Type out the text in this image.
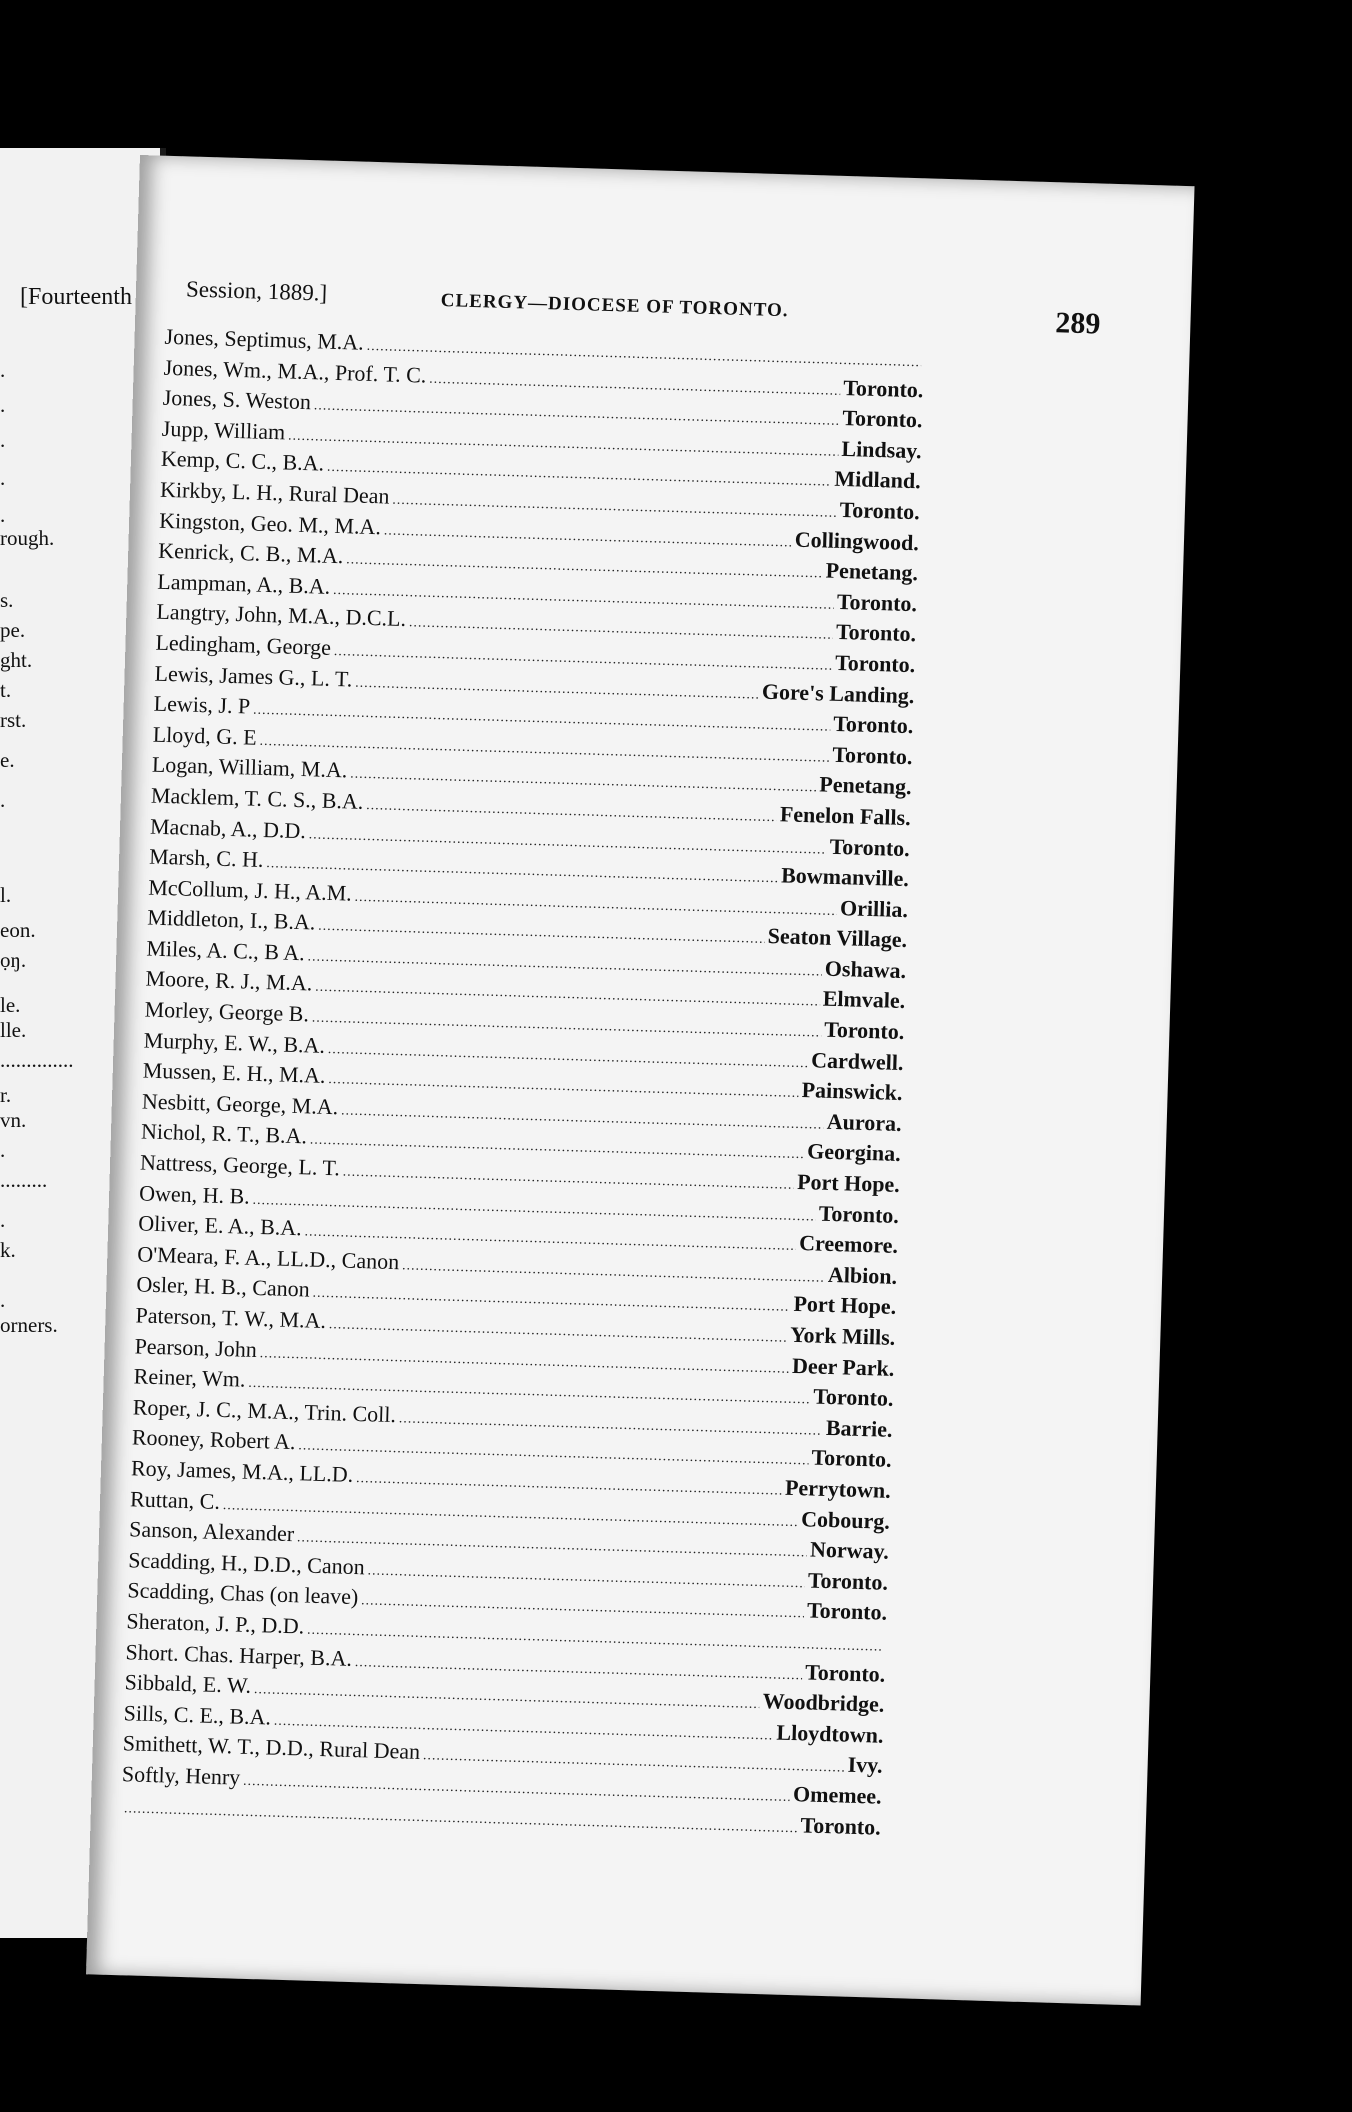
[Fourteenth
.
.
.
.
.
rough.
s.
pe.
ght.
t.
rst.
e.
.
l.
eon.
ọŋ.
le.
lle.
..............
r.
vn.
.
.........
.
k.
.
orners.
Session, 1889.]	CLERGY—DIOCESE OF TORONTO.
289
Jones, Septimus, M.A.
.....
Jones, Wm., M.A., Prof. T. C.
.....
Toronto.
Jones, S. Weston
.....
Toronto.
Jupp, William
.....
Lindsay.
Kemp, C. C., B.A.
.....
Midland.
Kirkby, L. H., Rural Dean
.....
Toronto.
Kingston, Geo. M., M.A.
.....
Collingwood.
Kenrick, C. B., M.A.
.....
Penetang.
Lampman, A., B.A.
.....
Toronto.
Langtry, John, M.A., D.C.L.
.....
Toronto.
Ledingham, George
.....
Toronto.
Lewis, James G., L. T.
.....
Gore's Landing.
Lewis, J. P
.....
Toronto.
Lloyd, G. E
.....
Toronto.
Logan, William, M.A.
.....
Penetang.
Macklem, T. C. S., B.A.
.....
Fenelon Falls.
Macnab, A., D.D.
.....
Toronto.
Marsh, C. H.
.....
Bowmanville.
McCollum, J. H., A.M.
.....
Orillia.
Middleton, I., B.A.
.....
Seaton Village.
Miles, A. C., B A.
.....
Oshawa.
Moore, R. J., M.A.
.....
Elmvale.
Morley, George B.
.....
Toronto.
Murphy, E. W., B.A.
.....
Cardwell.
Mussen, E. H., M.A.
.....
Painswick.
Nesbitt, George, M.A.
.....
Aurora.
Nichol, R. T., B.A.
.....
Georgina.
Nattress, George, L. T.
.....
Port Hope.
Owen, H. B.
.....
Toronto.
Oliver, E. A., B.A.
.....
Creemore.
O'Meara, F. A., LL.D., Canon
.....
Albion.
Osler, H. B., Canon
.....
Port Hope.
Paterson, T. W., M.A.
.....
York Mills.
Pearson, John
.....
Deer Park.
Reiner, Wm.
.....
Toronto.
Roper, J. C., M.A., Trin. Coll.
.....
Barrie.
Rooney, Robert A.
.....
Toronto.
Roy, James, M.A., LL.D.
.....
Perrytown.
Ruttan, C.
.....
Cobourg.
Sanson, Alexander
.....
Norway.
Scadding, H., D.D., Canon
.....
Toronto.
Scadding, Chas (on leave)
.....
Toronto.
Sheraton, J. P., D.D.
.....
Short. Chas. Harper, B.A.
.....
Toronto.
Sibbald, E. W.
.....
Woodbridge.
Sills, C. E., B.A.
.....
Lloydtown.
Smithett, W. T., D.D., Rural Dean
.....
Ivy.
Softly, Henry
.....
Omemee.
.....
Toronto.
